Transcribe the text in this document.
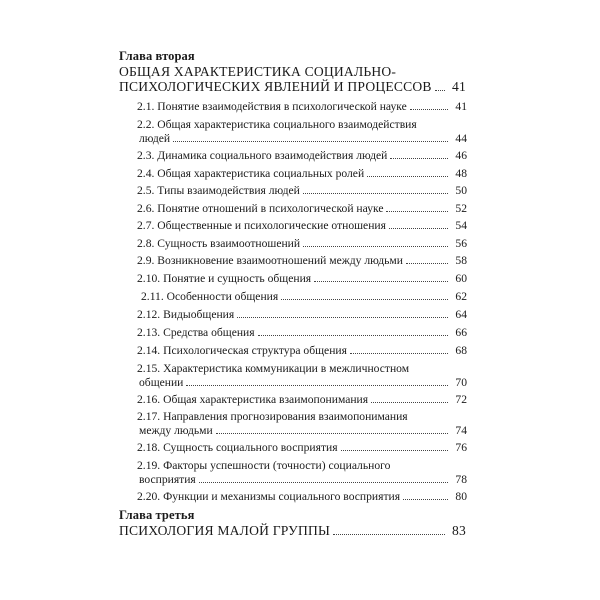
Глава вторая
ОБЩАЯ ХАРАКТЕРИСТИКА СОЦИАЛЬНО-
ПСИХОЛОГИЧЕСКИХ ЯВЛЕНИЙ И ПРОЦЕССОВ 41
2.1. Понятие взаимодействия в психологической науке	41
2.2. Общая характеристика социального взаимодействия
людей	44
2.3. Динамика социального взаимодействия людей	46
2.4. Общая характеристика социальных ролей	48
2.5. Типы взаимодействия людей	50
2.6. Понятие отношений в психологической науке	52
2.7. Общественные и психологические отношения	54
2.8. Сущность взаимоотношений	56
2.9. Возникновение взаимоотношений между людьми	58
2.10. Понятие и сущность общения	60
2.11. Особенности общения	62
2.12. Видыобщения	64
2.13. Средства общения	66
2.14. Психологическая структура общения	68
2.15. Характеристика коммуникации в межличностном
общении	70
2.16. Общая характеристика взаимопонимания	72
2.17. Направления прогнозирования взаимопонимания
между людьми	74
2.18. Сущность социального восприятия	76
2.19. Факторы успешности (точности) социального
восприятия	78
2.20. Функции и механизмы социального восприятия	80
Глава третья
ПСИХОЛОГИЯ МАЛОЙ ГРУППЫ	83
